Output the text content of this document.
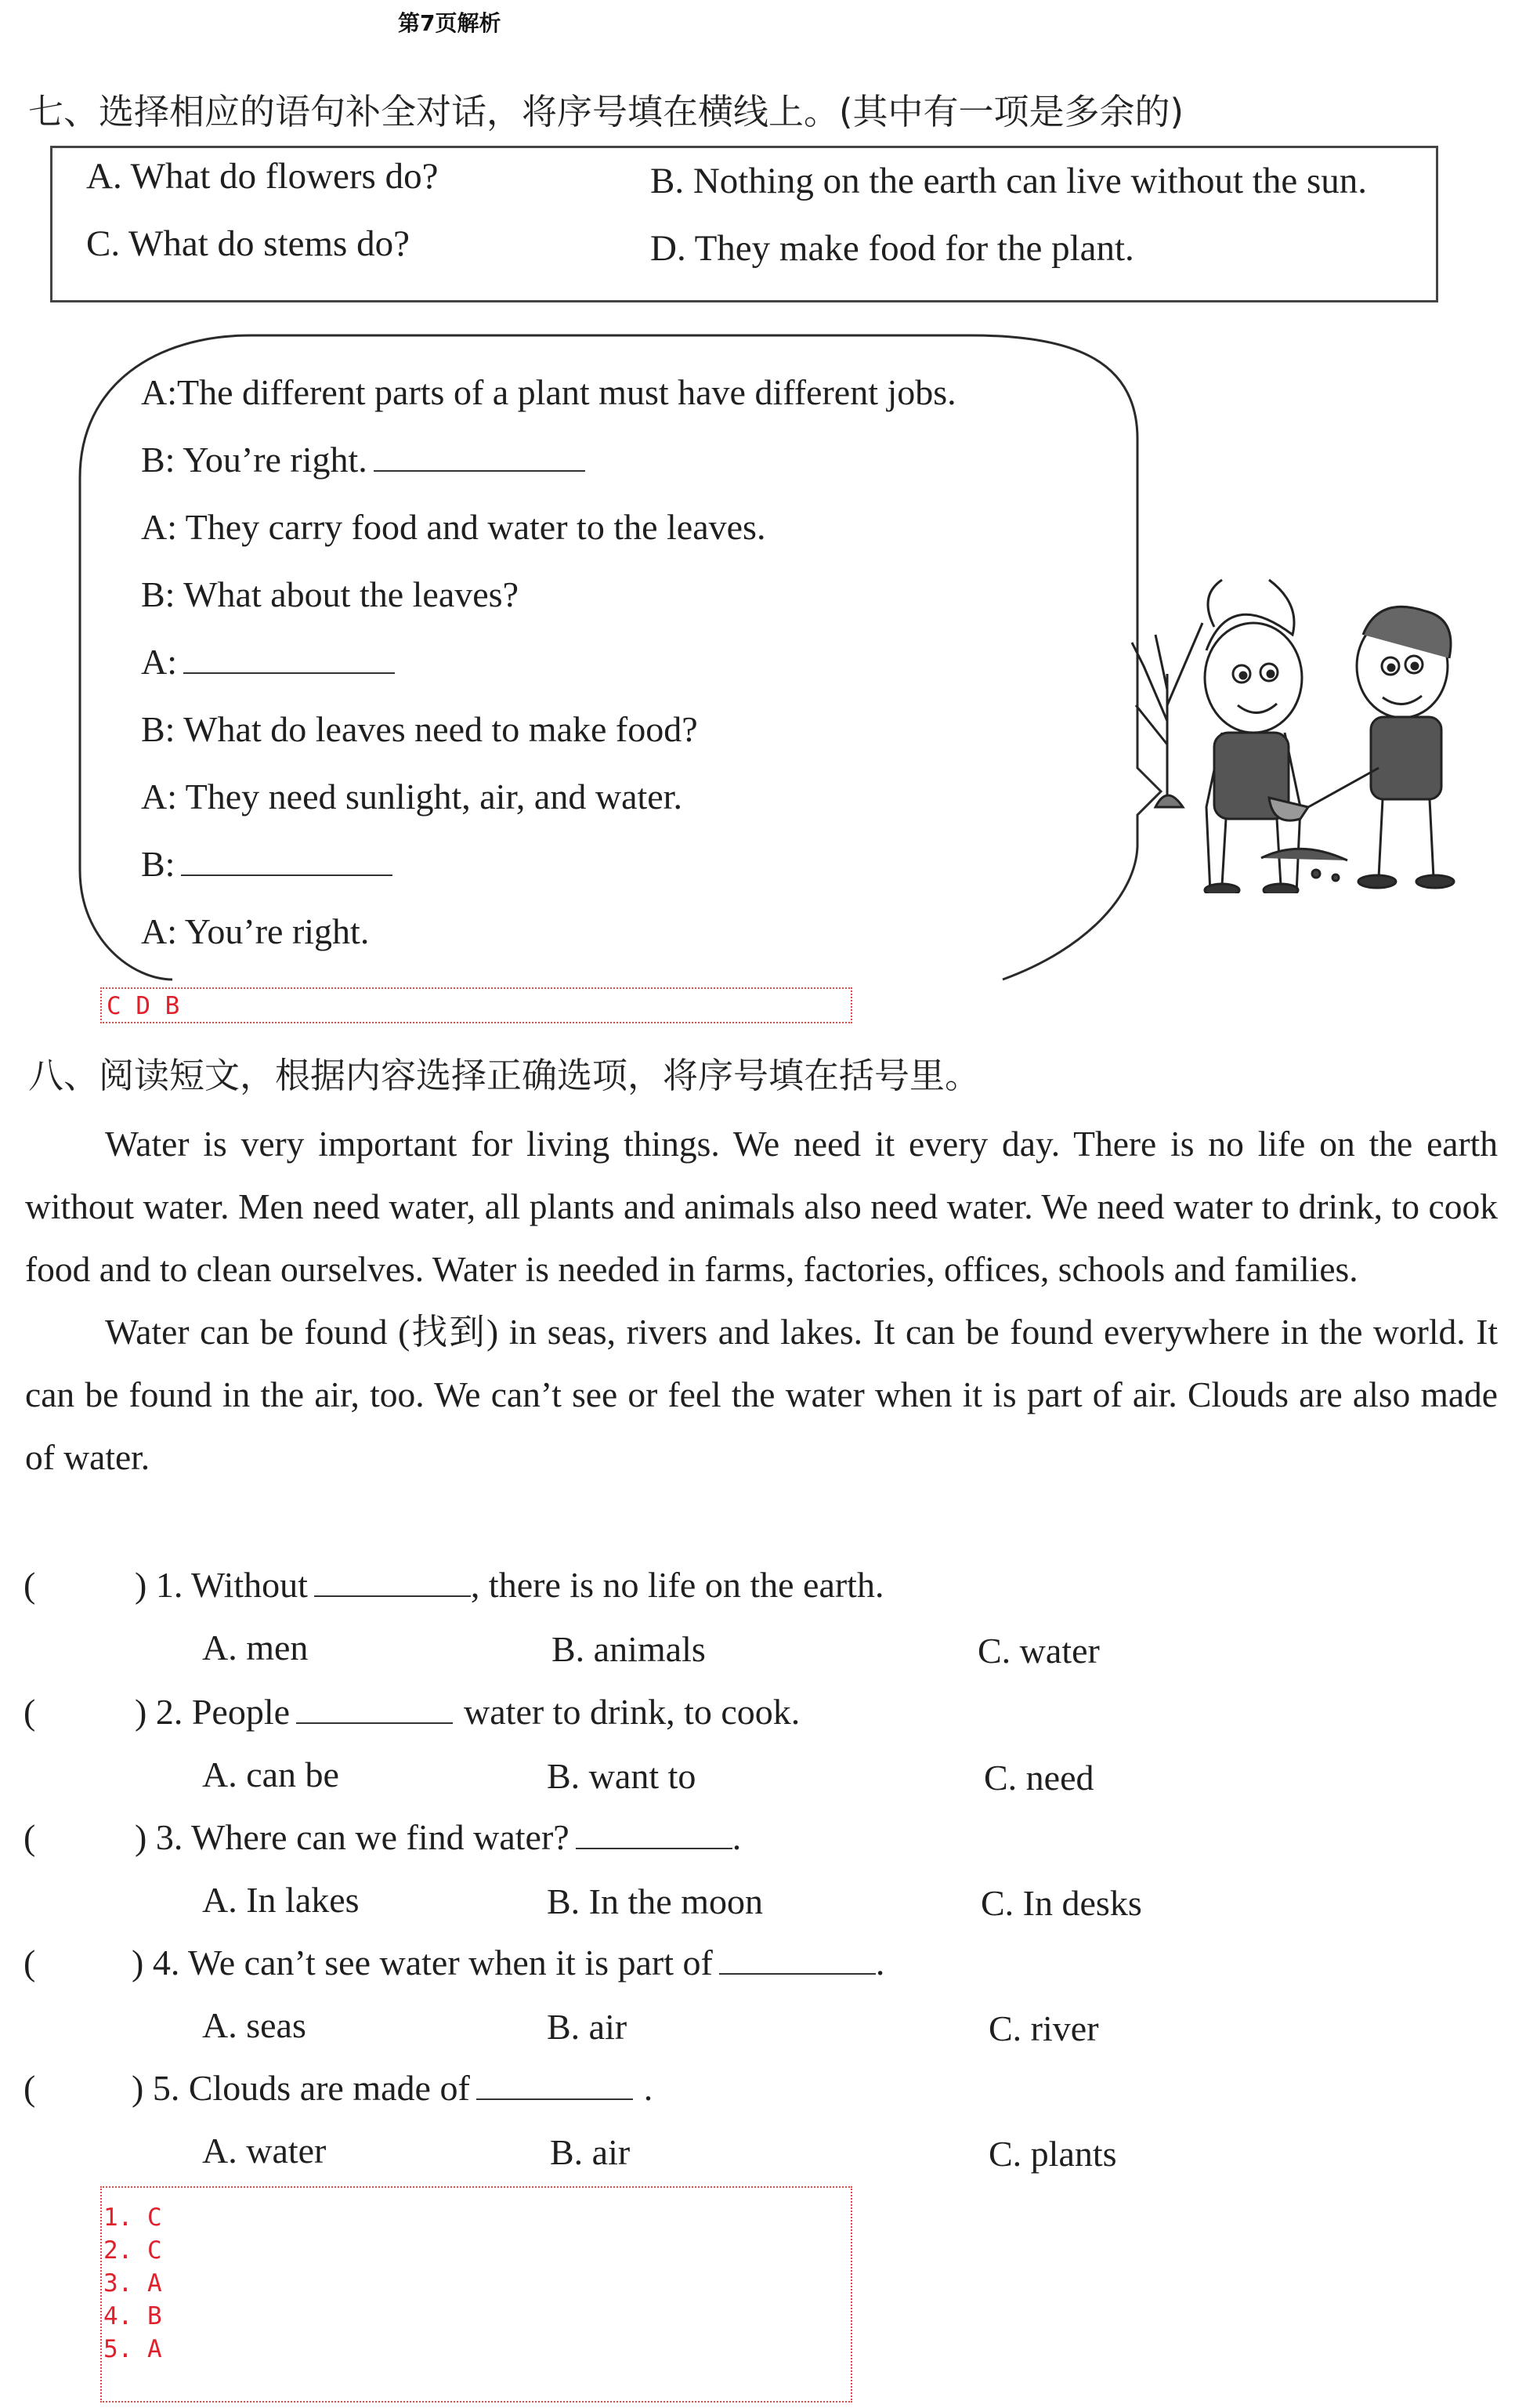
第7页解析
七、选择相应的语句补全对话，将序号填在横线上。(其中有一项是多余的)
A. What do flowers do?	B. Nothing on the earth can live without the sun.
C. What do stems do?	D. They make food for the plant.
A:The different parts of a plant must have different jobs.
B: You’re right.
A: They carry food and water to the leaves.
B: What about the leaves?
A:
B: What do leaves need to make food?
A: They need sunlight, air, and water.
B:
A: You’re right.
C D B
八、阅读短文，根据内容选择正确选项，将序号填在括号里。

Water is very important for living things. We need it every day. There is no life on the earth without water. Men need water, all plants and animals also need water. We need water to drink, to cook food and to clean ourselves. Water is needed in farms, factories, offices, schools and families.

Water can be found (找到) in seas, rivers and lakes. It can be found everywhere in the world. It can be found in the air, too. We can’t see or feel the water when it is part of air. Clouds are also made of water.

(	) 1. Without	, there is no life on the earth.
A. men	B. animals	C. water
(	) 2. People	water to drink, to cook.
A. can be	B. want to	C. need
(	) 3. Where can we find water?	.
A. In lakes	B. In the moon	C. In desks
(	) 4. We can’t see water when it is part of	.
A. seas	B. air	C. river
(	) 5. Clouds are made of	.
A. water	B. air	C. plants
1. C
2. C
3. A
4. B
5. A
